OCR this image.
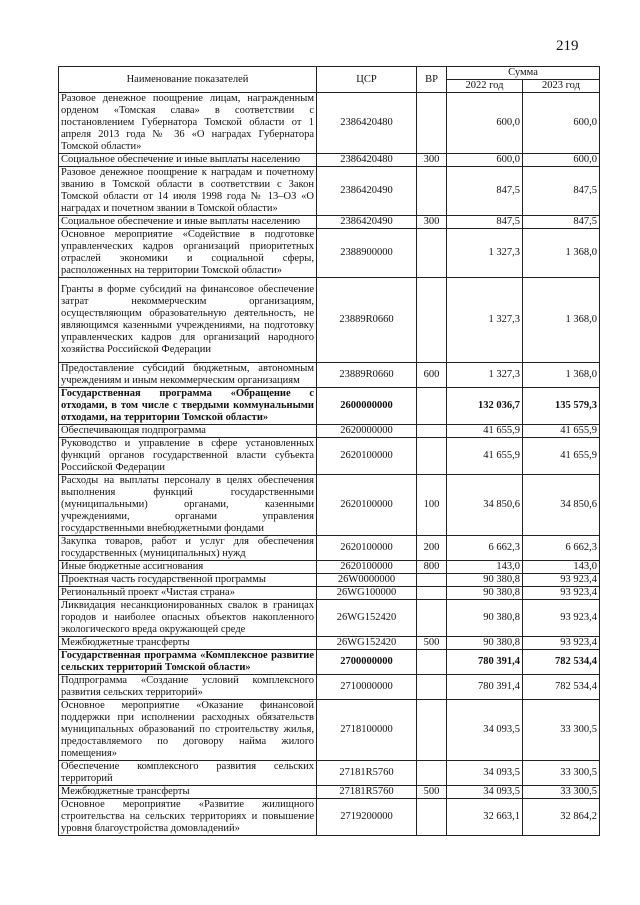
219
Наименование показателей	ЦСР	ВР	Сумма	
			2022 год	2023 год
Разовое денежное поощрение лицам, награжденным орденом «Томская слава» в соответствии с постановлением Губернатора Томской области от 1 апреля 2013 года № 36 «О наградах Губернатора Томской области»	2386420480		600,0	600,0
Социальное обеспечение и иные выплаты населению	2386420480	300	600,0	600,0
Разовое денежное поощрение к наградам и почетному званию в Томской области в соответствии с Закон Томской области от 14 июля 1998 года № 13–ОЗ «О наградах и почетном звании в Томской области»	2386420490		847,5	847,5
Социальное обеспечение и иные выплаты населению	2386420490	300	847,5	847,5
Основное мероприятие «Содействие в подготовке управленческих кадров организаций приоритетных отраслей экономики и социальной сферы, расположенных на территории Томской области»	2388900000		1 327,3	1 368,0
Гранты в форме субсидий на финансовое обеспечение затрат некоммерческим организациям, осуществляющим образовательную деятельность, не являющимся казенными учреждениями, на подготовку управленческих кадров для организаций народного хозяйства Российской Федерации	23889R0660		1 327,3	1 368,0
Предоставление субсидий бюджетным, автономным учреждениям и иным некоммерческим организациям	23889R0660	600	1 327,3	1 368,0
Государственная программа «Обращение с отходами, в том числе с твердыми коммунальными отходами, на территории Томской области»	2600000000		132 036,7	135 579,3
Обеспечивающая подпрограмма	2620000000		41 655,9	41 655,9
Руководство и управление в сфере установленных функций органов государственной власти субъекта Российской Федерации	2620100000		41 655,9	41 655,9
Расходы на выплаты персоналу в целях обеспечения выполнения функций государственными (муниципальными) органами, казенными учреждениями, органами управления государственными внебюджетными фондами	2620100000	100	34 850,6	34 850,6
Закупка товаров, работ и услуг для обеспечения государственных (муниципальных) нужд	2620100000	200	6 662,3	6 662,3
Иные бюджетные ассигнования	2620100000	800	143,0	143,0
Проектная часть государственной программы	26W0000000		90 380,8	93 923,4
Региональный проект «Чистая страна»	26WG100000		90 380,8	93 923,4
Ликвидация несанкционированных свалок в границах городов и наиболее опасных объектов накопленного экологического вреда окружающей среде	26WG152420		90 380,8	93 923,4
Межбюджетные трансферты	26WG152420	500	90 380,8	93 923,4
Государственная программа «Комплексное развитие сельских территорий Томской области»	2700000000		780 391,4	782 534,4
Подпрограмма «Создание условий комплексного развития сельских территорий»	2710000000		780 391,4	782 534,4
Основное мероприятие «Оказание финансовой поддержки при исполнении расходных обязательств муниципальных образований по строительству жилья, предоставляемого по договору найма жилого помещения»	2718100000		34 093,5	33 300,5
Обеспечение комплексного развития сельских территорий	27181R5760		34 093,5	33 300,5
Межбюджетные трансферты	27181R5760	500	34 093,5	33 300,5
Основное мероприятие «Развитие жилищного строительства на сельских территориях и повышение уровня благоустройства домовладений»	2719200000		32 663,1	32 864,2
